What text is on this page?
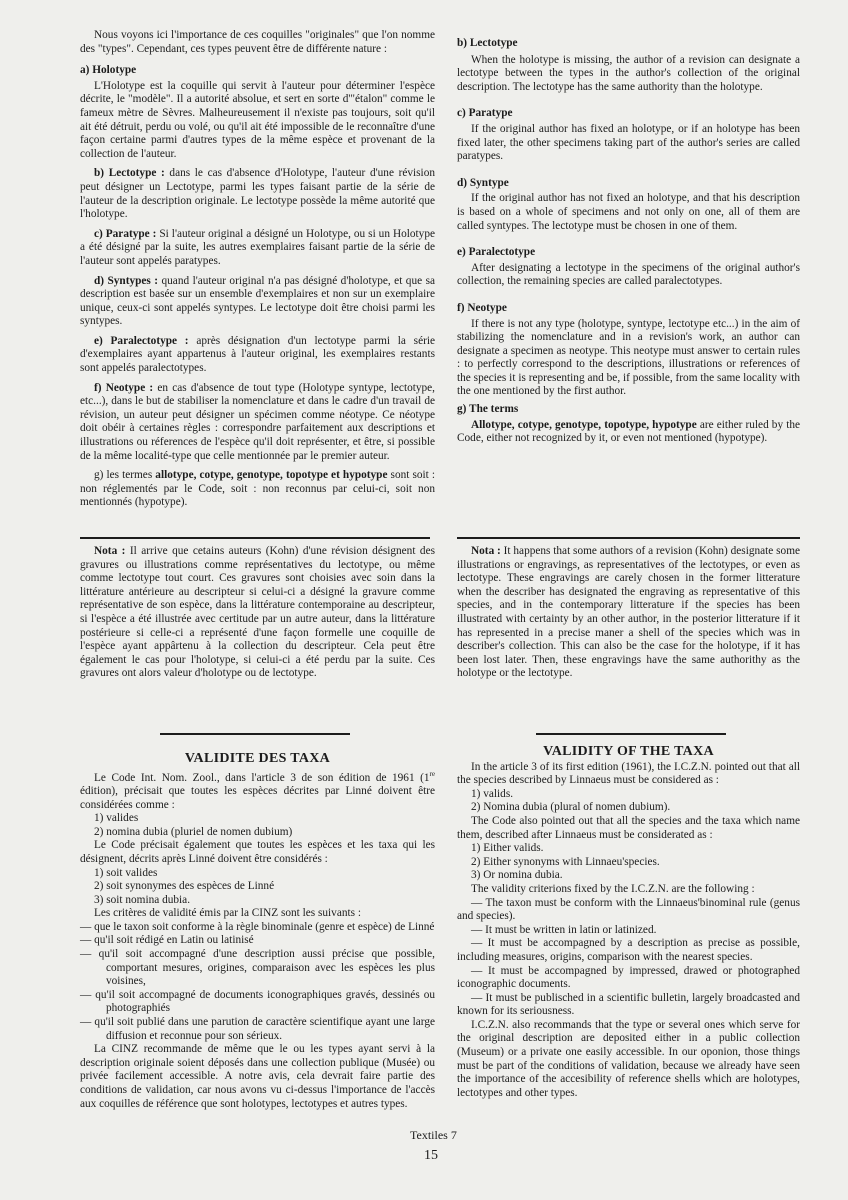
Nous voyons ici l'importance de ces coquilles "originales" que l'on nomme des "types". Cependant, ces types peuvent être de différente nature :

a) Holotype

L'Holotype est la coquille qui servit à l'auteur pour déterminer l'espèce décrite, le "modèle". Il a autorité absolue, et sert en sorte d'"étalon" comme le fameux mètre de Sèvres. Malheureusement il n'existe pas toujours, soit qu'il ait été détruit, perdu ou volé, ou qu'il ait été impossible de le reconnaître d'une façon certaine parmi d'autres types de la même espèce et provenant de la collection de l'auteur.

b) Lectotype : dans le cas d'absence d'Holotype, l'auteur d'une révision peut désigner un Lectotype, parmi les types faisant partie de la série de l'auteur de la description originale. Le lectotype possède la même autorité que l'holotype.

c) Paratype : Si l'auteur original a désigné un Holotype, ou si un Holotype a été désigné par la suite, les autres exemplaires faisant partie de la série de l'auteur sont appelés paratypes.

d) Syntypes : quand l'auteur original n'a pas désigné d'holotype, et que sa description est basée sur un ensemble d'exemplaires et non sur un exemplaire unique, ceux-ci sont appelés syntypes. Le lectotype doit être choisi parmi les syntypes.

e) Paralectotype : après désignation d'un lectotype parmi la série d'exemplaires ayant appartenus à l'auteur original, les exemplaires restants sont appelés paralectotypes.

f) Neotype : en cas d'absence de tout type (Holotype syntype, lectotype, etc...), dans le but de stabiliser la nomenclature et dans le cadre d'un travail de révision, un auteur peut désigner un spécimen comme néotype. Ce néotype doit obéir à certaines règles : correspondre parfaitement aux descriptions et illustrations ou réferences de l'espèce qu'il doit représenter, et être, si possible de la même localité-type que celle mentionnée par le premier auteur.

g) les termes allotype, cotype, genotype, topotype et hypotype sont soit : non réglementés par le Code, soit : non reconnus par celui-ci, soit non mentionnés (hypotype).

b) Lectotype

When the holotype is missing, the author of a revision can designate a lectotype between the types in the author's collection of the original description. The lectotype has the same authority than the holotype.

c) Paratype

If the original author has fixed an holotype, or if an holotype has been fixed later, the other specimens taking part of the author's series are called paratypes.

d) Syntype

If the original author has not fixed an holotype, and that his description is based on a whole of specimens and not only on one, all of them are called syntypes. The lectotype must be chosen in one of them.

e) Paralectotype

After designating a lectotype in the specimens of the original author's collection, the remaining species are called paralectotypes.

f) Neotype

If there is not any type (holotype, syntype, lectotype etc...) in the aim of stabilizing the nomenclature and in a revision's work, an author can designate a specimen as neotype. This neotype must answer to certain rules : to perfectly correspond to the descriptions, illustrations or references of the species it is representing and be, if possible, from the same locality with the one mentioned by the first author.

g) The terms

Allotype, cotype, genotype, topotype, hypotype are either ruled by the Code, either not recognized by it, or even not mentioned (hypotype).

Nota : Il arrive que cetains auteurs (Kohn) d'une révision désignent des gravures ou illustrations comme représentatives du lectotype, ou même comme lectotype tout court. Ces gravures sont choisies avec soin dans la littérature antérieure au descripteur si celui-ci a désigné la gravure comme représentative de son espèce, dans la littérature contemporaine au descripteur, si l'espèce a été illustrée avec certitude par un autre auteur, dans la littérature postérieure si celle-ci a représenté d'une façon formelle une coquille de l'espèce ayant appârtenu à la collection du descripteur. Cela peut être également le cas pour l'holotype, si celui-ci a été perdu par la suite. Ces gravures ont alors valeur d'holotype ou de lectotype.

Nota : It happens that some authors of a revision (Kohn) designate some illustrations or engravings, as representatives of the lectotypes, or even as lectotype. These engravings are carely chosen in the former litterature when the describer has designated the engraving as representative of this species, and in the contemporary litterature if the species has been illustrated with certainty by an other author, in the posterior litterature if it has represented in a precise maner a shell of the species which was in describer's collection. This can also be the case for the holotype, if it has been lost later. Then, these engravings have the same authorithy as the holotype or the lectotype.

VALIDITE DES TAXA

Le Code Int. Nom. Zool., dans l'article 3 de son édition de 1961 (1re édition), précisait que toutes les espèces décrites par Linné doivent être considérées comme :

1) valides

2) nomina dubia (pluriel de nomen dubium)

Le Code précisait également que toutes les espèces et les taxa qui les désignent, décrits après Linné doivent être considérés :

1) soit valides

2) soit synonymes des espèces de Linné

3) soit nomina dubia.

Les critères de validité émis par la CINZ sont les suivants :

— que le taxon soit conforme à la règle binominale (genre et espèce) de Linné

— qu'il soit rédigé en Latin ou latinisé

— qu'il soit accompagné d'une description aussi précise que possible, comportant mesures, origines, comparaison avec les espèces les plus voisines,

— qu'il soit accompagné de documents iconographiques gravés, dessinés ou photographiés

— qu'il soit publié dans une parution de caractère scientifique ayant une large diffusion et reconnue pour son sérieux.

La CINZ recommande de même que le ou les types ayant servi à la description originale soient déposés dans une collection publique (Musée) ou privée facilement accessible. A notre avis, cela devrait faire partie des conditions de validation, car nous avons vu ci-dessus l'importance de l'accès aux coquilles de référence que sont holotypes, lectotypes et autres types.

VALIDITY OF THE TAXA

In the article 3 of its first edition (1961), the I.C.Z.N. pointed out that all the species described by Linnaeus must be considered as :

1) valids.

2) Nomina dubia (plural of nomen dubium).

The Code also pointed out that all the species and the taxa which name them, described after Linnaeus must be considerated as :

1) Either valids.

2) Either synonyms with Linnaeu'species.

3) Or nomina dubia.

The validity criterions fixed by the I.C.Z.N. are the following :

— The taxon must be conform with the Linnaeus'binominal rule (genus and species).

— It must be written in latin or latinized.

— It must be accompagned by a description as precise as possible, including measures, origins, comparison with the nearest species.

— It must be accompagned by impressed, drawed or photographed iconographic documents.

— It must be publisched in a scientific bulletin, largely broadcasted and known for its seriousness.

I.C.Z.N. also recommands that the type or several ones which serve for the original description are deposited either in a public collection (Museum) or a private one easily accessible. In our oponion, those things must be part of the conditions of validation, because we already have seen the importance of the accesibility of reference shells which are holotypes, lectotypes and other types.

Textiles 7
15
